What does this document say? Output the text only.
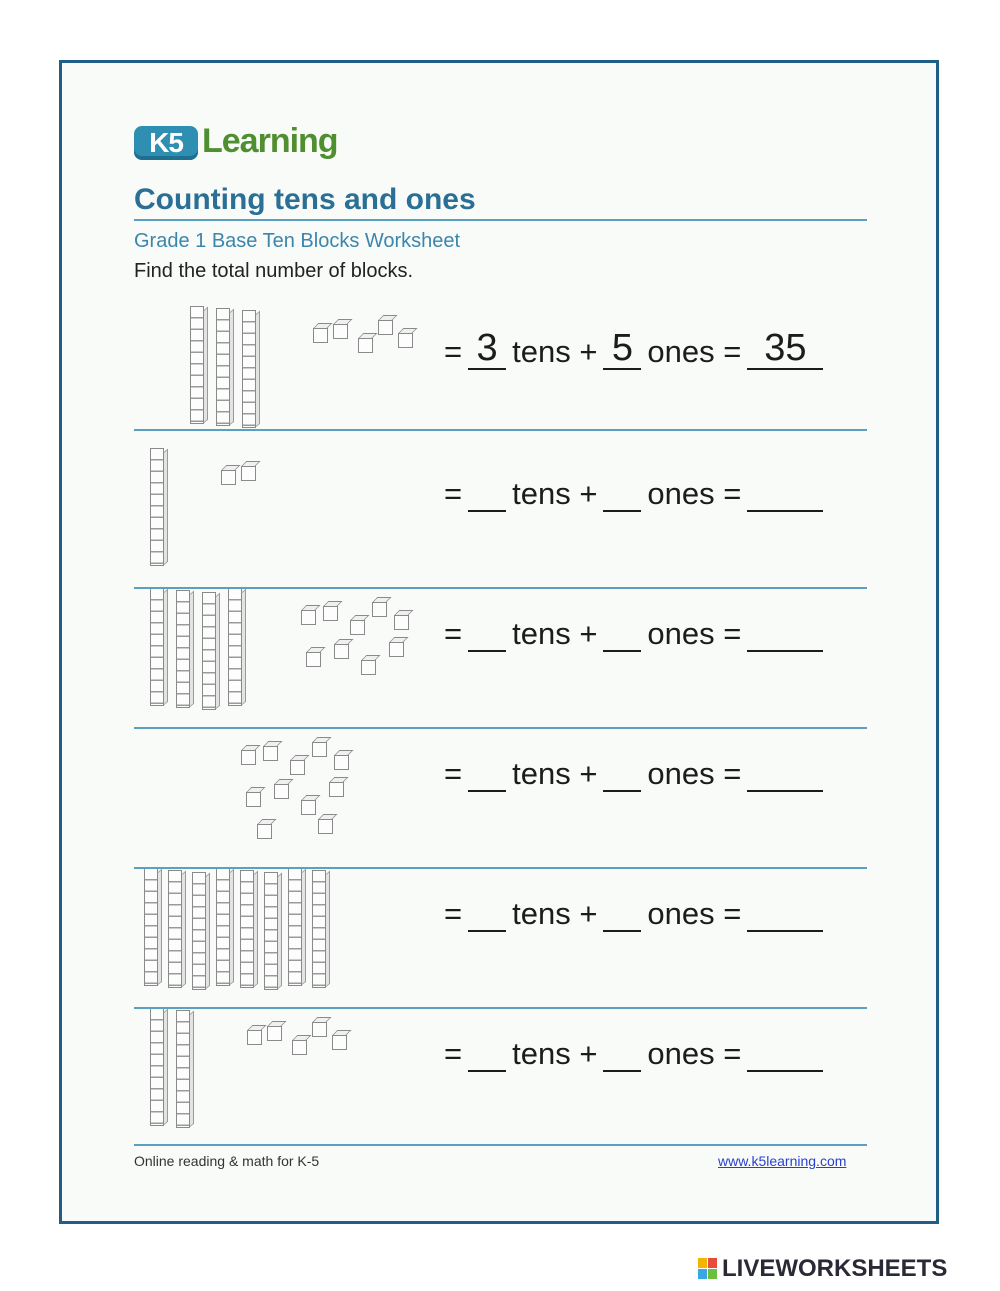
K5 Learning
Counting tens and ones
Grade 1 Base Ten Blocks Worksheet
Find the total number of blocks.
= 3 tens + 5 ones = 35
= tens + ones =
= tens + ones =
= tens + ones =
= tens + ones =
= tens + ones =
Online reading & math for K-5	www.k5learning.com
LIVEWORKSHEETS
